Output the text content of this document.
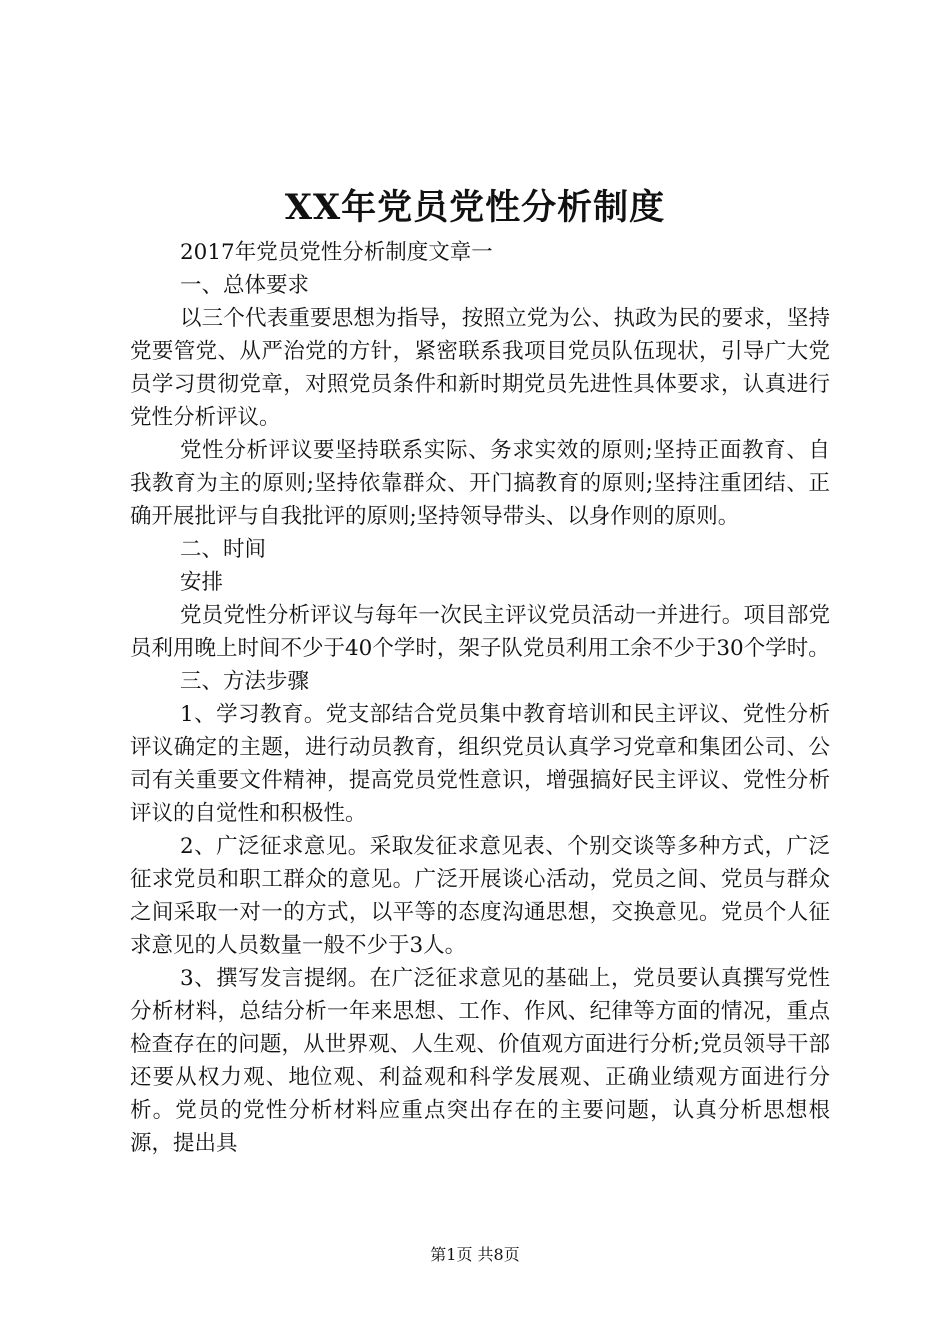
XX年党员党性分析制度

2017年党员党性分析制度文章一

一、总体要求

以三个代表重要思想为指导，按照立党为公、执政为民的要求，坚持党要管党、从严治党的方针，紧密联系我项目党员队伍现状，引导广大党员学习贯彻党章，对照党员条件和新时期党员先进性具体要求，认真进行党性分析评议。

党性分析评议要坚持联系实际、务求实效的原则;坚持正面教育、自我教育为主的原则;坚持依靠群众、开门搞教育的原则;坚持注重团结、正确开展批评与自我批评的原则;坚持领导带头、以身作则的原则。

二、时间

安排

党员党性分析评议与每年一次民主评议党员活动一并进行。项目部党员利用晚上时间不少于40个学时，架子队党员利用工余不少于30个学时。

三、方法步骤

1、学习教育。党支部结合党员集中教育培训和民主评议、党性分析评议确定的主题，进行动员教育，组织党员认真学习党章和集团公司、公司有关重要文件精神，提高党员党性意识，增强搞好民主评议、党性分析评议的自觉性和积极性。

2、广泛征求意见。采取发征求意见表、个别交谈等多种方式，广泛征求党员和职工群众的意见。广泛开展谈心活动，党员之间、党员与群众之间采取一对一的方式，以平等的态度沟通思想，交换意见。党员个人征求意见的人员数量一般不少于3人。

3、撰写发言提纲。在广泛征求意见的基础上，党员要认真撰写党性分析材料，总结分析一年来思想、工作、作风、纪律等方面的情况，重点检查存在的问题，从世界观、人生观、价值观方面进行分析;党员领导干部还要从权力观、地位观、利益观和科学发展观、正确业绩观方面进行分析。党员的党性分析材料应重点突出存在的主要问题，认真分析思想根源，提出具

第1页 共8页
